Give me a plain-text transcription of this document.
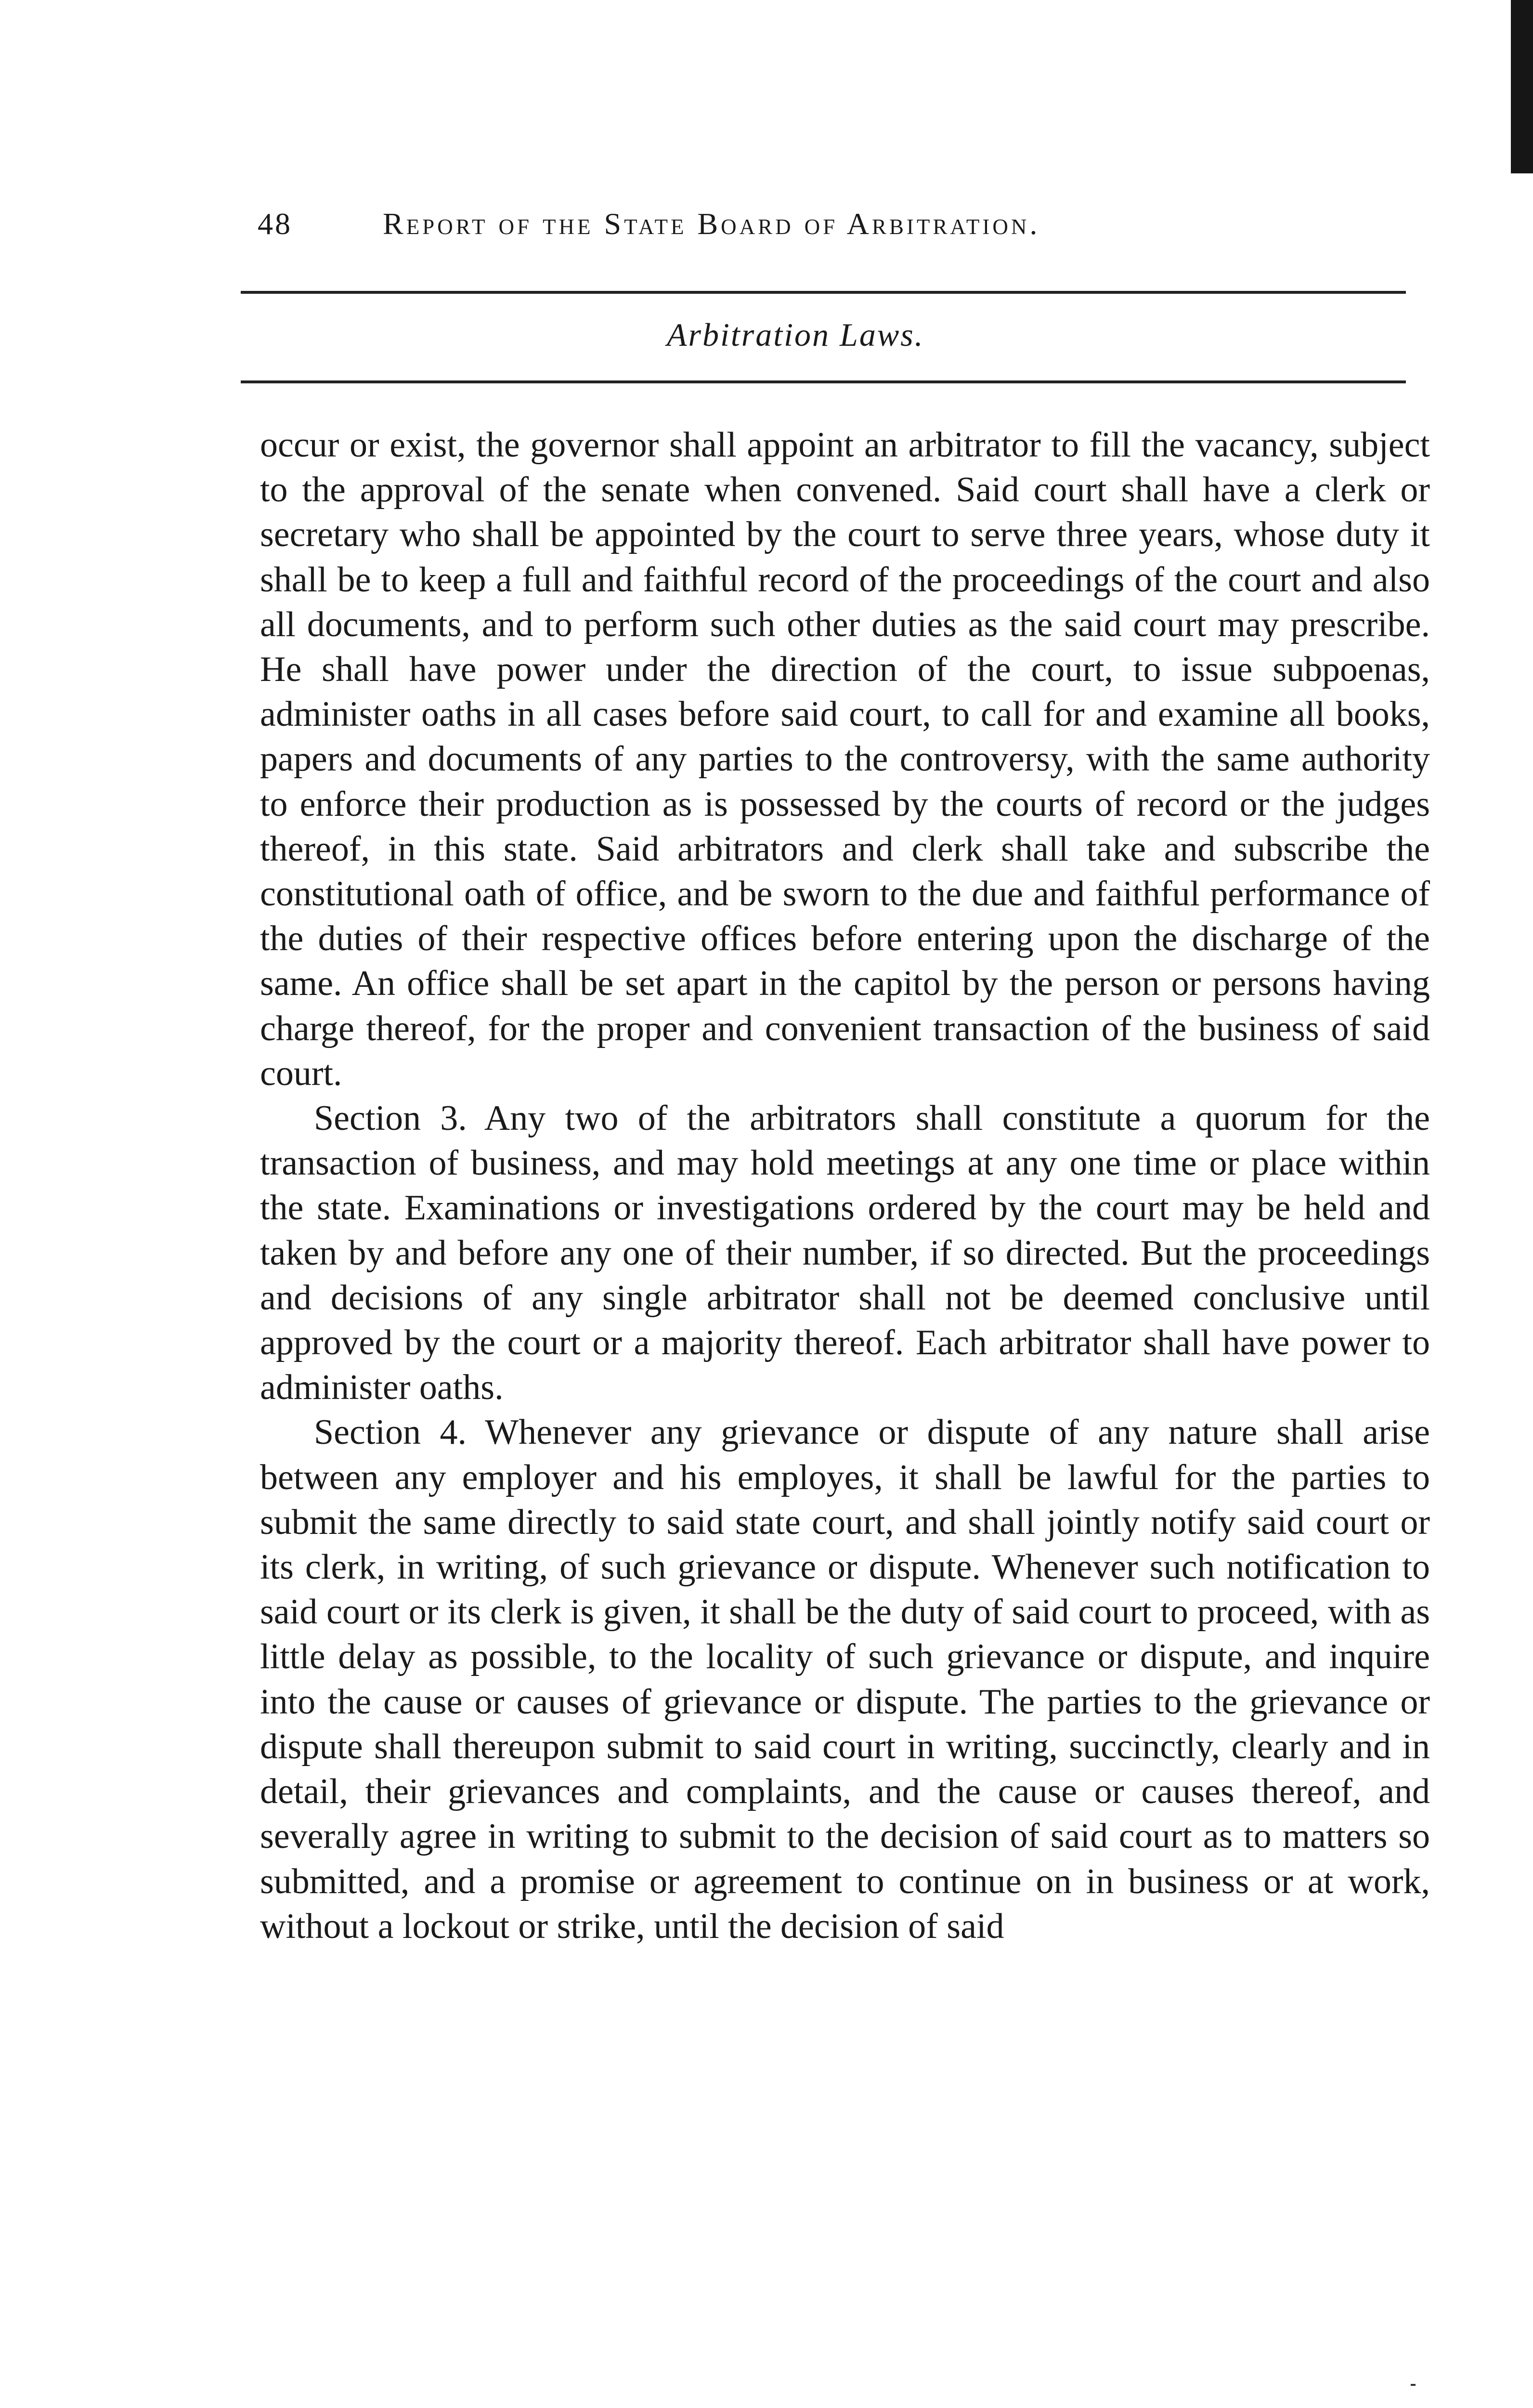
48	Report of the State Board of Arbitration.
Arbitration Laws.

occur or exist, the governor shall appoint an arbitrator to fill the vacancy, subject to the approval of the senate when convened. Said court shall have a clerk or secretary who shall be appointed by the court to serve three years, whose duty it shall be to keep a full and faithful record of the proceedings of the court and also all documents, and to perform such other duties as the said court may prescribe. He shall have power under the direction of the court, to issue subpoenas, administer oaths in all cases before said court, to call for and examine all books, papers and documents of any parties to the controversy, with the same authority to enforce their production as is possessed by the courts of record or the judges thereof, in this state. Said arbitrators and clerk shall take and subscribe the constitutional oath of office, and be sworn to the due and faithful performance of the duties of their respective offices before entering upon the discharge of the same. An office shall be set apart in the capitol by the person or persons having charge thereof, for the proper and convenient transaction of the business of said court.

Section 3. Any two of the arbitrators shall constitute a quorum for the transaction of business, and may hold meetings at any one time or place within the state. Examinations or investigations ordered by the court may be held and taken by and before any one of their number, if so directed. But the proceedings and decisions of any single arbitrator shall not be deemed conclusive until approved by the court or a majority thereof. Each arbitrator shall have power to administer oaths.

Section 4. Whenever any grievance or dispute of any nature shall arise between any employer and his employes, it shall be lawful for the parties to submit the same directly to said state court, and shall jointly notify said court or its clerk, in writing, of such grievance or dispute. Whenever such notification to said court or its clerk is given, it shall be the duty of said court to proceed, with as little delay as possible, to the locality of such grievance or dispute, and inquire into the cause or causes of grievance or dispute. The parties to the grievance or dispute shall thereupon submit to said court in writing, succinctly, clearly and in detail, their grievances and complaints, and the cause or causes thereof, and severally agree in writing to submit to the decision of said court as to matters so submitted, and a promise or agreement to continue on in business or at work, without a lockout or strike, until the decision of said
